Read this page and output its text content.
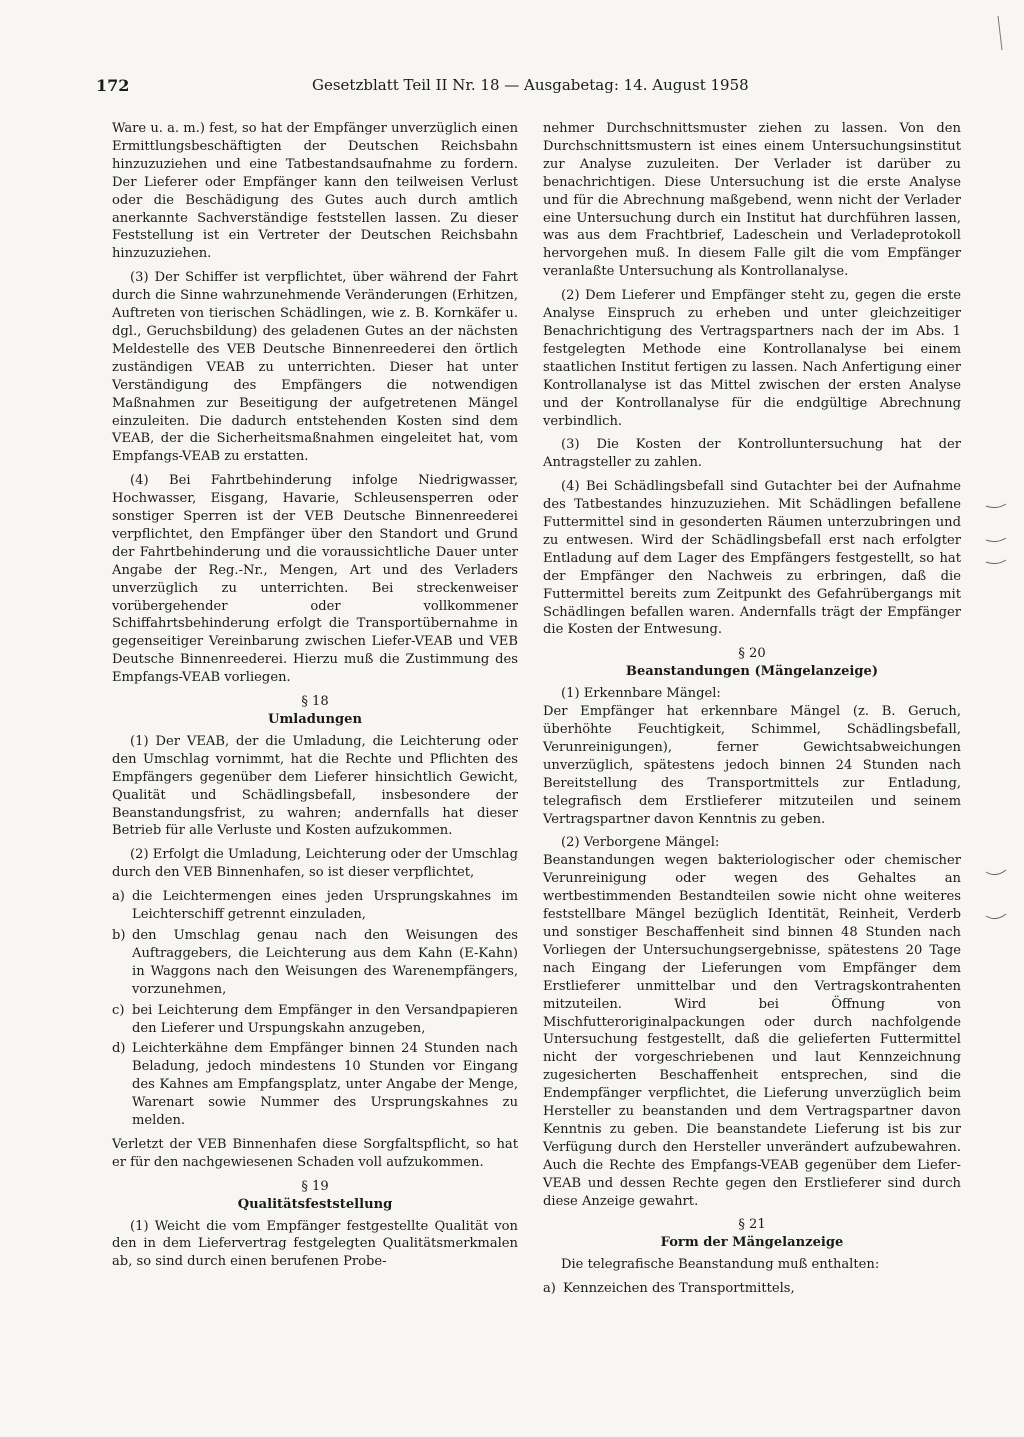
172	Gesetzblatt Teil II Nr. 18 — Ausgabetag: 14. August 1958

Ware u. a. m.) fest, so hat der Empfänger unverzüglich einen Ermittlungsbeschäftigten der Deutschen Reichsbahn hinzuzuziehen und eine Tatbestandsaufnahme zu fordern. Der Lieferer oder Empfänger kann den teilweisen Verlust oder die Beschädigung des Gutes auch durch amtlich anerkannte Sachverständige feststellen lassen. Zu dieser Feststellung ist ein Vertreter der Deutschen Reichsbahn hinzuzuziehen.

(3) Der Schiffer ist verpflichtet, über während der Fahrt durch die Sinne wahrzunehmende Veränderungen (Erhitzen, Auftreten von tierischen Schädlingen, wie z. B. Kornkäfer u. dgl., Geruchsbildung) des geladenen Gutes an der nächsten Meldestelle des VEB Deutsche Binnenreederei den örtlich zuständigen VEAB zu unterrichten. Dieser hat unter Verständigung des Empfängers die notwendigen Maßnahmen zur Beseitigung der aufgetretenen Mängel einzuleiten. Die dadurch entstehenden Kosten sind dem VEAB, der die Sicherheitsmaßnahmen eingeleitet hat, vom Empfangs-VEAB zu erstatten.

(4) Bei Fahrtbehinderung infolge Niedrigwasser, Hochwasser, Eisgang, Havarie, Schleusensperren oder sonstiger Sperren ist der VEB Deutsche Binnenreederei verpflichtet, den Empfänger über den Standort und Grund der Fahrtbehinderung und die voraussichtliche Dauer unter Angabe der Reg.-Nr., Mengen, Art und des Verladers unverzüglich zu unterrichten. Bei streckenweiser vorübergehender oder vollkommener Schiffahrtsbehinderung erfolgt die Transportübernahme in gegenseitiger Vereinbarung zwischen Liefer-VEAB und VEB Deutsche Binnenreederei. Hierzu muß die Zustimmung des Empfangs-VEAB vorliegen.

§ 18
Umladungen

(1) Der VEAB, der die Umladung, die Leichterung oder den Umschlag vornimmt, hat die Rechte und Pflichten des Empfängers gegenüber dem Lieferer hinsichtlich Gewicht, Qualität und Schädlingsbefall, insbesondere der Beanstandungsfrist, zu wahren; andernfalls hat dieser Betrieb für alle Verluste und Kosten aufzukommen.

(2) Erfolgt die Umladung, Leichterung oder der Umschlag durch den VEB Binnenhafen, so ist dieser verpflichtet,

a) die Leichtermengen eines jeden Ursprungskahnes im Leichterschiff getrennt einzuladen,
b) den Umschlag genau nach den Weisungen des Auftraggebers, die Leichterung aus dem Kahn (E-Kahn) in Waggons nach den Weisungen des Warenempfängers, vorzunehmen,
c) bei Leichterung dem Empfänger in den Versandpapieren den Lieferer und Urspungskahn anzugeben,
d) Leichterkähne dem Empfänger binnen 24 Stunden nach Beladung, jedoch mindestens 10 Stunden vor Eingang des Kahnes am Empfangsplatz, unter Angabe der Menge, Warenart sowie Nummer des Ursprungskahnes zu melden.

Verletzt der VEB Binnenhafen diese Sorgfaltspflicht, so hat er für den nachgewiesenen Schaden voll aufzukommen.

§ 19
Qualitätsfeststellung

(1) Weicht die vom Empfänger festgestellte Qualität von den in dem Liefervertrag festgelegten Qualitätsmerkmalen ab, so sind durch einen berufenen Probe-

nehmer Durchschnittsmuster ziehen zu lassen. Von den Durchschnittsmustern ist eines einem Untersuchungsinstitut zur Analyse zuzuleiten. Der Verlader ist darüber zu benachrichtigen. Diese Untersuchung ist die erste Analyse und für die Abrechnung maßgebend, wenn nicht der Verlader eine Untersuchung durch ein Institut hat durchführen lassen, was aus dem Frachtbrief, Ladeschein und Verladeprotokoll hervorgehen muß. In diesem Falle gilt die vom Empfänger veranlaßte Untersuchung als Kontrollanalyse.

(2) Dem Lieferer und Empfänger steht zu, gegen die erste Analyse Einspruch zu erheben und unter gleichzeitiger Benachrichtigung des Vertragspartners nach der im Abs. 1 festgelegten Methode eine Kontrollanalyse bei einem staatlichen Institut fertigen zu lassen. Nach Anfertigung einer Kontrollanalyse ist das Mittel zwischen der ersten Analyse und der Kontrollanalyse für die endgültige Abrechnung verbindlich.

(3) Die Kosten der Kontrolluntersuchung hat der Antragsteller zu zahlen.

(4) Bei Schädlingsbefall sind Gutachter bei der Aufnahme des Tatbestandes hinzuzuziehen. Mit Schädlingen befallene Futtermittel sind in gesonderten Räumen unterzubringen und zu entwesen. Wird der Schädlingsbefall erst nach erfolgter Entladung auf dem Lager des Empfängers festgestellt, so hat der Empfänger den Nachweis zu erbringen, daß die Futtermittel bereits zum Zeitpunkt des Gefahrübergangs mit Schädlingen befallen waren. Andernfalls trägt der Empfänger die Kosten der Entwesung.

§ 20
Beanstandungen (Mängelanzeige)

(1) Erkennbare Mängel:

Der Empfänger hat erkennbare Mängel (z. B. Geruch, überhöhte Feuchtigkeit, Schimmel, Schädlingsbefall, Verunreinigungen), ferner Gewichtsabweichungen unverzüglich, spätestens jedoch binnen 24 Stunden nach Bereitstellung des Transportmittels zur Entladung, telegrafisch dem Erstlieferer mitzuteilen und seinem Vertragspartner davon Kenntnis zu geben.

(2) Verborgene Mängel:

Beanstandungen wegen bakteriologischer oder chemischer Verunreinigung oder wegen des Gehaltes an wertbestimmenden Bestandteilen sowie nicht ohne weiteres feststellbare Mängel bezüglich Identität, Reinheit, Verderb und sonstiger Beschaffenheit sind binnen 48 Stunden nach Vorliegen der Untersuchungsergebnisse, spätestens 20 Tage nach Eingang der Lieferungen vom Empfänger dem Erstlieferer unmittelbar und den Vertragskontrahenten mitzuteilen. Wird bei Öffnung von Mischfutteroriginalpackungen oder durch nachfolgende Untersuchung festgestellt, daß die gelieferten Futtermittel nicht der vorgeschriebenen und laut Kennzeichnung zugesicherten Beschaffenheit entsprechen, sind die Endempfänger verpflichtet, die Lieferung unverzüglich beim Hersteller zu beanstanden und dem Vertragspartner davon Kenntnis zu geben. Die beanstandete Lieferung ist bis zur Verfügung durch den Hersteller unverändert aufzubewahren. Auch die Rechte des Empfangs-VEAB gegenüber dem Liefer-VEAB und dessen Rechte gegen den Erstlieferer sind durch diese Anzeige gewahrt.

§ 21
Form der Mängelanzeige

Die telegrafische Beanstandung muß enthalten:

a) Kennzeichen des Transportmittels,
